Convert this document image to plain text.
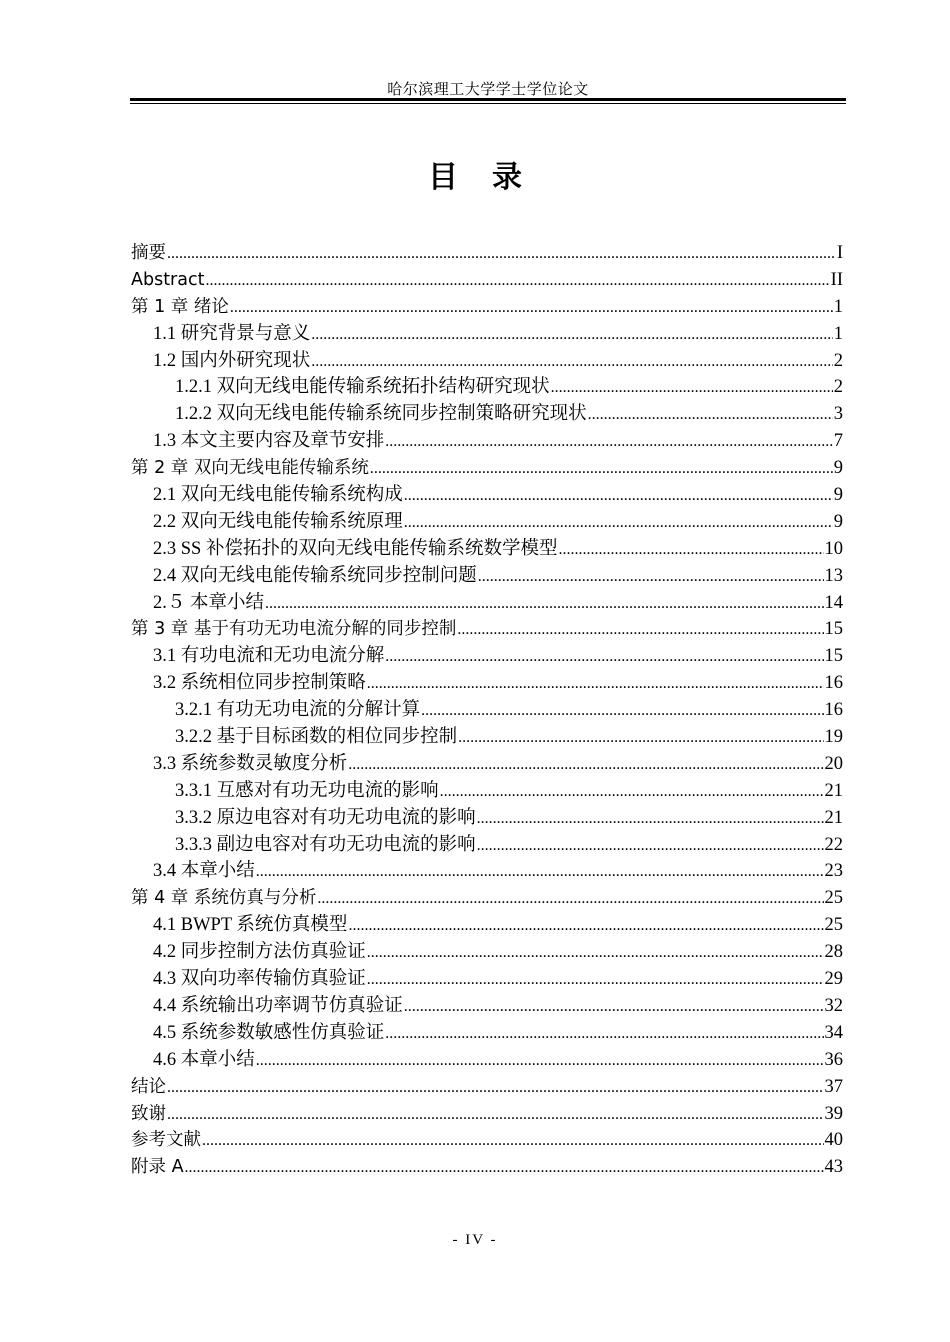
哈尔滨理工大学学士学位论文
目录
摘要 .....	I
Abstract .....	II
第 1 章 绪论 .....	1
1.1 研究背景与意义 .....	1
1.2 国内外研究现状 .....	2
1.2.1 双向无线电能传输系统拓扑结构研究现状 .....	2
1.2.2 双向无线电能传输系统同步控制策略研究现状 .....	3
1.3 本文主要内容及章节安排 .....	7
第 2 章 双向无线电能传输系统 .....	9
2.1 双向无线电能传输系统构成 .....	9
2.2 双向无线电能传输系统原理 .....	9
2.3 SS 补偿拓扑的双向无线电能传输系统数学模型 .....	10
2.4 双向无线电能传输系统同步控制问题 .....	13
2.５ 本章小结 .....	14
第 3 章 基于有功无功电流分解的同步控制 .....	15
3.1 有功电流和无功电流分解 .....	15
3.2 系统相位同步控制策略 .....	16
3.2.1 有功无功电流的分解计算 .....	16
3.2.2 基于目标函数的相位同步控制 .....	19
3.3 系统参数灵敏度分析 .....	20
3.3.1 互感对有功无功电流的影响 .....	21
3.3.2 原边电容对有功无功电流的影响 .....	21
3.3.3 副边电容对有功无功电流的影响 .....	22
3.4 本章小结 .....	23
第 4 章 系统仿真与分析 .....	25
4.1 BWPT 系统仿真模型 .....	25
4.2 同步控制方法仿真验证 .....	28
4.3 双向功率传输仿真验证 .....	29
4.4 系统输出功率调节仿真验证 .....	32
4.5 系统参数敏感性仿真验证 .....	34
4.6 本章小结 .....	36
结论 .....	37
致谢 .....	39
参考文献 .....	40
附录 A .....	43
- IV -
